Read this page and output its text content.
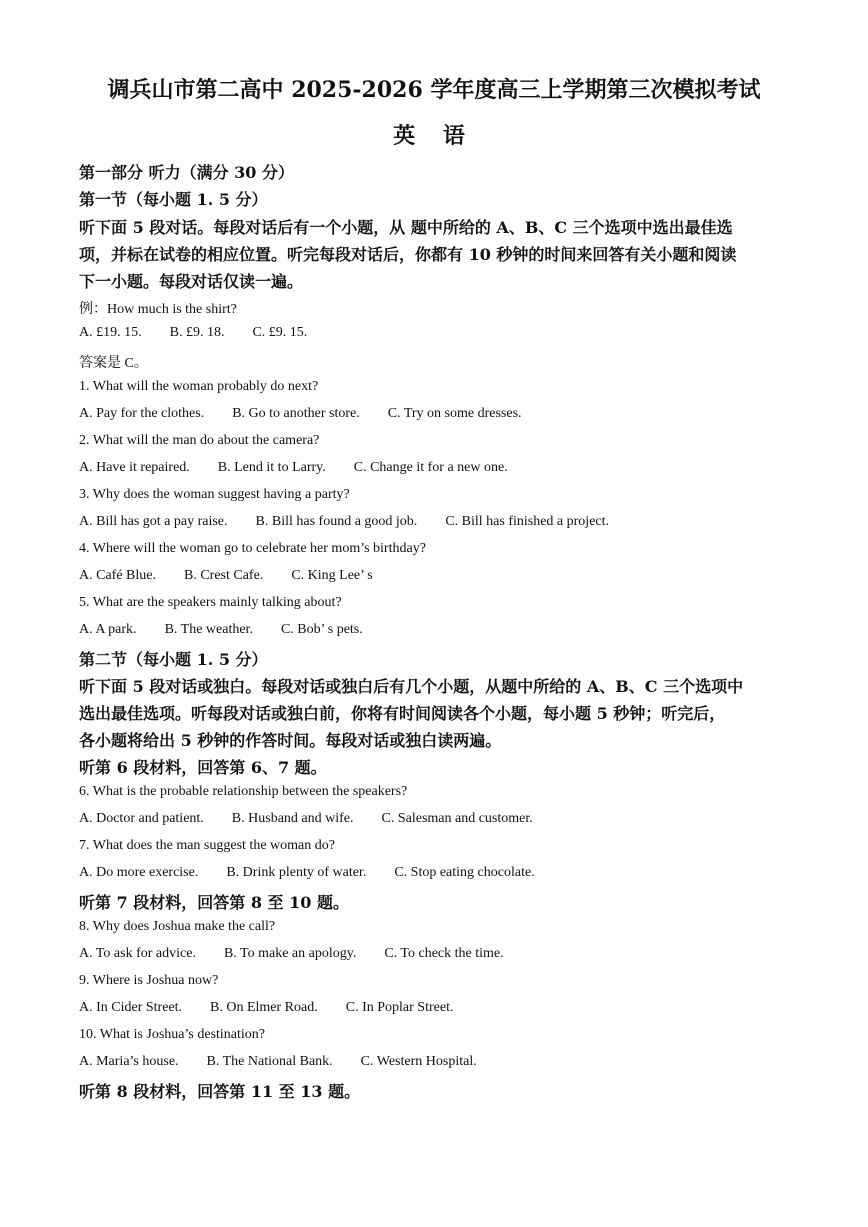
调兵山市第二高中 2025-2026 学年度高三上学期第三次模拟考试
英 语
第一部分 听力（满分 30 分）
第一节（每小题 1. 5 分）
听下面 5 段对话。每段对话后有一个小题，从 题中所给的 A、B、C 三个选项中选出最佳选
项，并标在试卷的相应位置。听完每段对话后，你都有 10 秒钟的时间来回答有关小题和阅读
下一小题。每段对话仅读一遍。
例：How much is the shirt?
A. £19. 15. B. £9. 18. C. £9. 15.
答案是 C。
1. What will the woman probably do next?
A. Pay for the clothes. B. Go to another store. C. Try on some dresses.
2. What will the man do about the camera?
A. Have it repaired. B. Lend it to Larry. C. Change it for a new one.
3. Why does the woman suggest having a party?
A. Bill has got a pay raise. B. Bill has found a good job. C. Bill has finished a project.
4. Where will the woman go to celebrate her mom’s birthday?
A. Café Blue. B. Crest Cafe. C. King Lee’ s
5. What are the speakers mainly talking about?
A. A park. B. The weather. C. Bob’ s pets.
第二节（每小题 1. 5 分）
听下面 5 段对话或独白。每段对话或独白后有几个小题，从题中所给的 A、B、C 三个选项中
选出最佳选项。听每段对话或独白前，你将有时间阅读各个小题，每小题 5 秒钟；听完后，
各小题将给出 5 秒钟的作答时间。每段对话或独白读两遍。
听第 6 段材料，回答第 6、7 题。
6. What is the probable relationship between the speakers?
A. Doctor and patient. B. Husband and wife. C. Salesman and customer.
7. What does the man suggest the woman do?
A. Do more exercise. B. Drink plenty of water. C. Stop eating chocolate.
听第 7 段材料，回答第 8 至 10 题。
8. Why does Joshua make the call?
A. To ask for advice. B. To make an apology. C. To check the time.
9. Where is Joshua now?
A. In Cider Street. B. On Elmer Road. C. In Poplar Street.
10. What is Joshua’s destination?
A. Maria’s house. B. The National Bank. C. Western Hospital.
听第 8 段材料，回答第 11 至 13 题。
